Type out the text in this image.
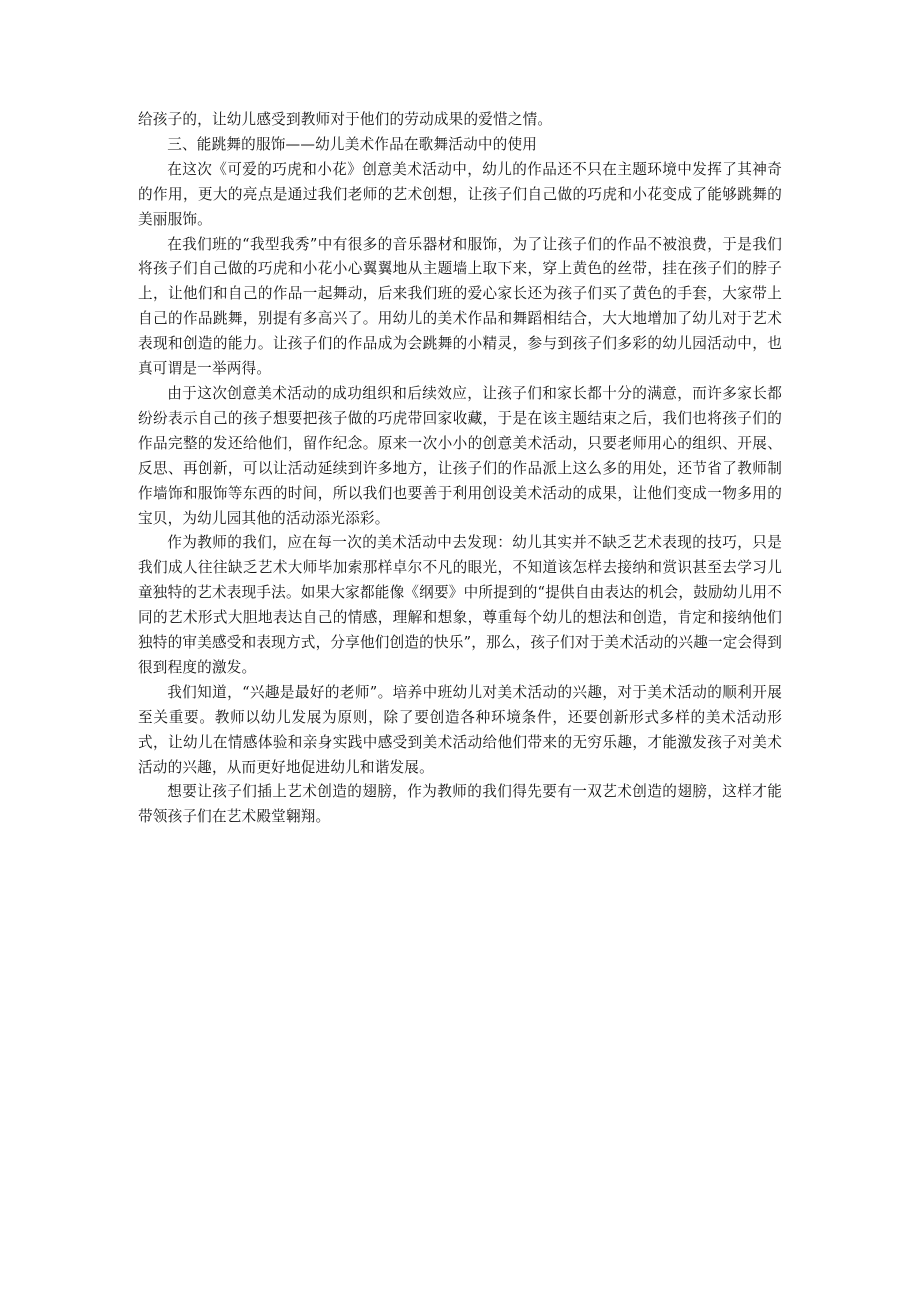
给孩子的，让幼儿感受到教师对于他们的劳动成果的爱惜之情。

三、能跳舞的服饰——幼儿美术作品在歌舞活动中的使用

在这次《可爱的巧虎和小花》创意美术活动中，幼儿的作品还不只在主题环境中发挥了其神奇的作用，更大的亮点是通过我们老师的艺术创想，让孩子们自己做的巧虎和小花变成了能够跳舞的美丽服饰。

在我们班的“我型我秀”中有很多的音乐器材和服饰，为了让孩子们的作品不被浪费，于是我们将孩子们自己做的巧虎和小花小心翼翼地从主题墙上取下来，穿上黄色的丝带，挂在孩子们的脖子上，让他们和自己的作品一起舞动，后来我们班的爱心家长还为孩子们买了黄色的手套，大家带上自己的作品跳舞，别提有多高兴了。用幼儿的美术作品和舞蹈相结合，大大地增加了幼儿对于艺术表现和创造的能力。让孩子们的作品成为会跳舞的小精灵，参与到孩子们多彩的幼儿园活动中，也真可谓是一举两得。

由于这次创意美术活动的成功组织和后续效应，让孩子们和家长都十分的满意，而许多家长都纷纷表示自己的孩子想要把孩子做的巧虎带回家收藏，于是在该主题结束之后，我们也将孩子们的作品完整的发还给他们，留作纪念。原来一次小小的创意美术活动，只要老师用心的组织、开展、反思、再创新，可以让活动延续到许多地方，让孩子们的作品派上这么多的用处，还节省了教师制作墙饰和服饰等东西的时间，所以我们也要善于利用创设美术活动的成果，让他们变成一物多用的宝贝，为幼儿园其他的活动添光添彩。

作为教师的我们，应在每一次的美术活动中去发现：幼儿其实并不缺乏艺术表现的技巧，只是我们成人往往缺乏艺术大师毕加索那样卓尔不凡的眼光，不知道该怎样去接纳和赏识甚至去学习儿童独特的艺术表现手法。如果大家都能像《纲要》中所提到的“提供自由表达的机会，鼓励幼儿用不同的艺术形式大胆地表达自己的情感，理解和想象，尊重每个幼儿的想法和创造，肯定和接纳他们独特的审美感受和表现方式，分享他们创造的快乐”，那么，孩子们对于美术活动的兴趣一定会得到很到程度的激发。

我们知道，“兴趣是最好的老师”。培养中班幼儿对美术活动的兴趣，对于美术活动的顺利开展至关重要。教师以幼儿发展为原则，除了要创造各种环境条件，还要创新形式多样的美术活动形式，让幼儿在情感体验和亲身实践中感受到美术活动给他们带来的无穷乐趣，才能激发孩子对美术活动的兴趣，从而更好地促进幼儿和谐发展。

想要让孩子们插上艺术创造的翅膀，作为教师的我们得先要有一双艺术创造的翅膀，这样才能带领孩子们在艺术殿堂翱翔。
